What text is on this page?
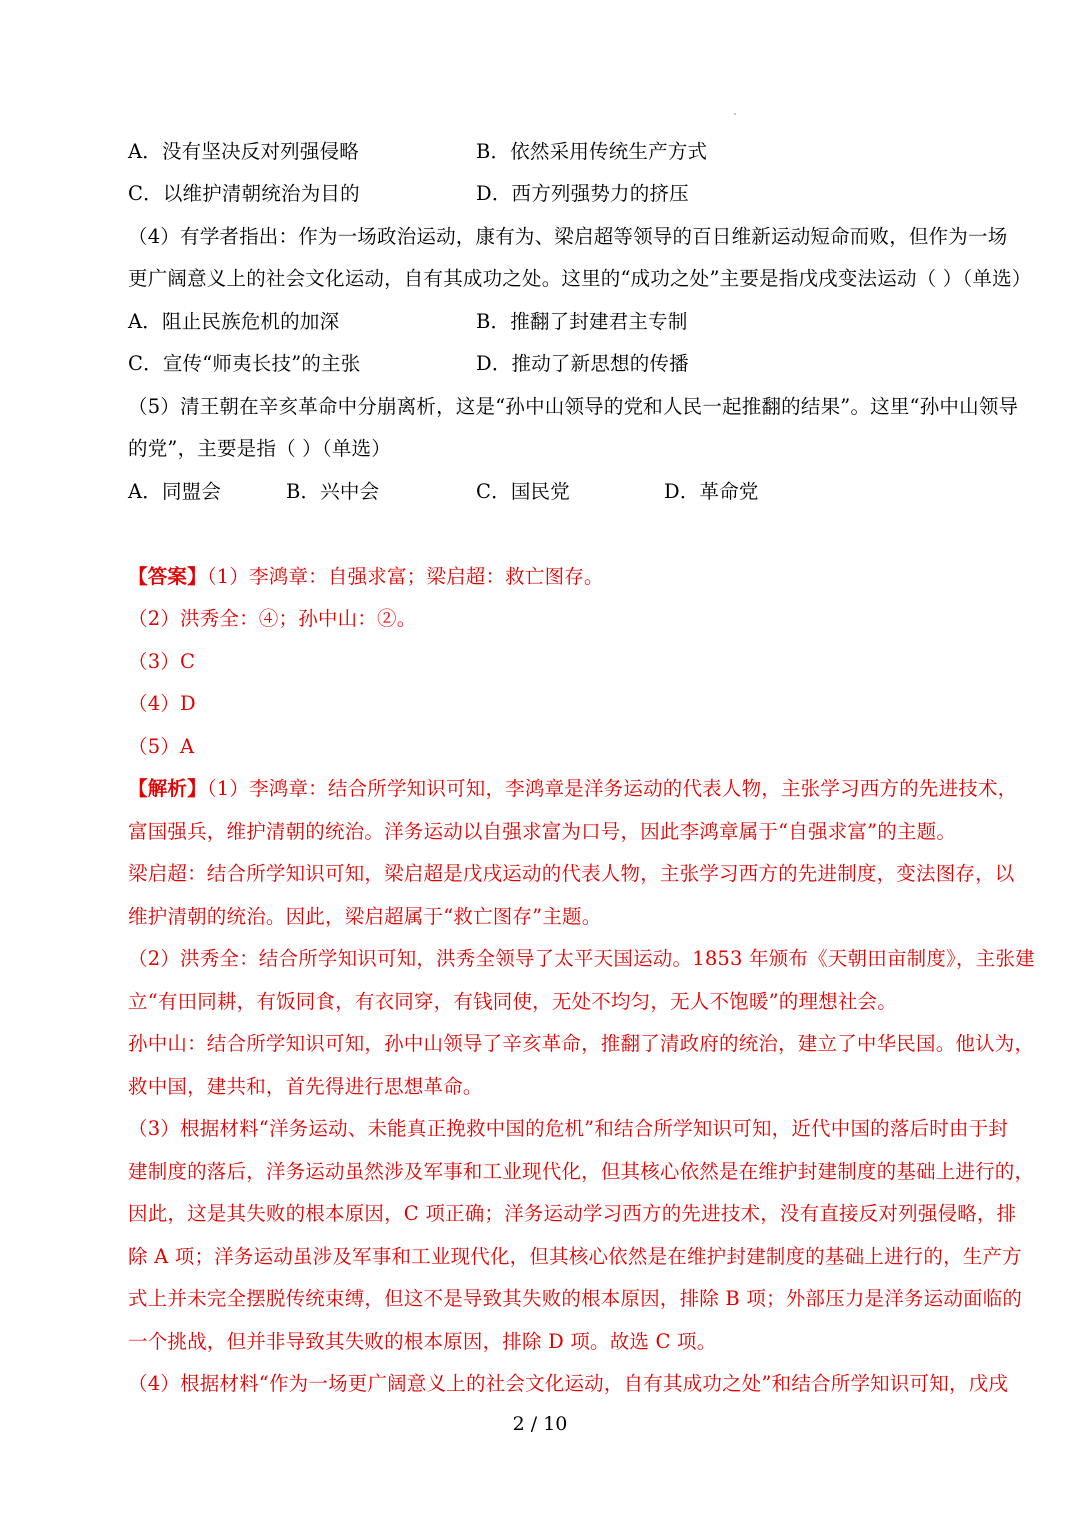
A．没有坚决反对列强侵略	B．依然采用传统生产方式
C．以维护清朝统治为目的	D．西方列强势力的挤压
（4）有学者指出：作为一场政治运动，康有为、梁启超等领导的百日维新运动短命而败，但作为一场
更广阔意义上的社会文化运动，自有其成功之处。这里的“成功之处”主要是指戊戌变法运动（ ）（单选）
A．阻止民族危机的加深	B．推翻了封建君主专制
C．宣传“师夷长技”的主张	D．推动了新思想的传播
（5）清王朝在辛亥革命中分崩离析，这是“孙中山领导的党和人民一起推翻的结果”。这里“孙中山领导
的党”，主要是指（ ）（单选）
A．同盟会	B．兴中会	C．国民党	D．革命党
【答案】（1）李鸿章：自强求富；梁启超：救亡图存。
（2）洪秀全：④；孙中山：②。
（3）C
（4）D
（5）A
【解析】（1）李鸿章：结合所学知识可知，李鸿章是洋务运动的代表人物，主张学习西方的先进技术，
富国强兵，维护清朝的统治。洋务运动以自强求富为口号，因此李鸿章属于“自强求富”的主题。
梁启超：结合所学知识可知，梁启超是戊戌运动的代表人物，主张学习西方的先进制度，变法图存，以
维护清朝的统治。因此，梁启超属于“救亡图存”主题。
（2）洪秀全：结合所学知识可知，洪秀全领导了太平天国运动。1853 年颁布《天朝田亩制度》，主张建
立“有田同耕，有饭同食，有衣同穿，有钱同使，无处不均匀，无人不饱暖”的理想社会。
孙中山：结合所学知识可知，孙中山领导了辛亥革命，推翻了清政府的统治，建立了中华民国。他认为，
救中国，建共和，首先得进行思想革命。
（3）根据材料“洋务运动、未能真正挽救中国的危机”和结合所学知识可知，近代中国的落后时由于封
建制度的落后，洋务运动虽然涉及军事和工业现代化，但其核心依然是在维护封建制度的基础上进行的，
因此，这是其失败的根本原因，C 项正确；洋务运动学习西方的先进技术，没有直接反对列强侵略，排
除 A 项；洋务运动虽涉及军事和工业现代化，但其核心依然是在维护封建制度的基础上进行的，生产方
式上并未完全摆脱传统束缚，但这不是导致其失败的根本原因，排除 B 项；外部压力是洋务运动面临的
一个挑战，但并非导致其失败的根本原因，排除 D 项。故选 C 项。
（4）根据材料“作为一场更广阔意义上的社会文化运动，自有其成功之处”和结合所学知识可知，戊戌
2 / 10
